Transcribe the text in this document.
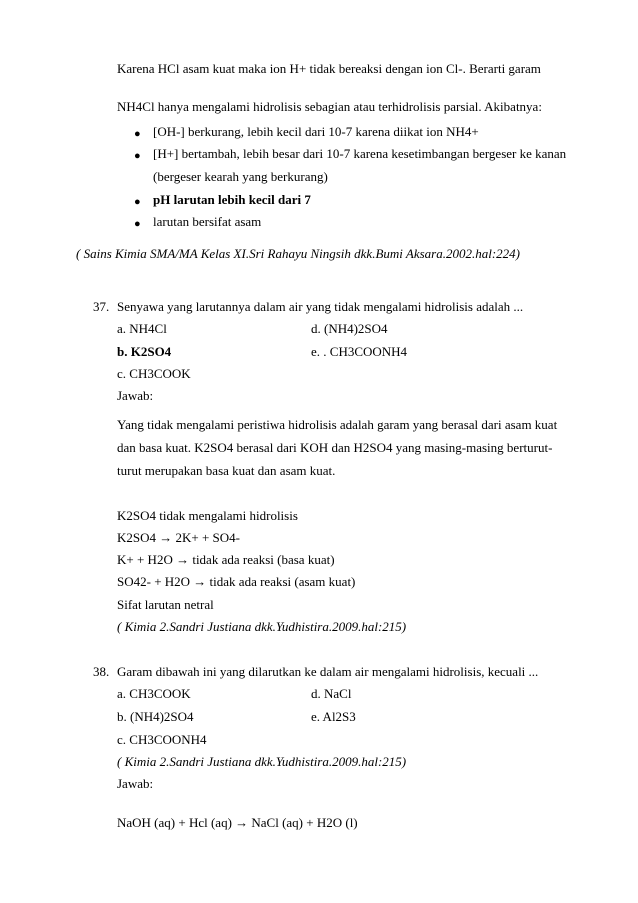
Karena HCl asam kuat maka ion H+ tidak bereaksi dengan ion Cl-. Berarti garam
NH4Cl hanya mengalami hidrolisis sebagian atau terhidrolisis parsial. Akibatnya:
● [OH-] berkurang, lebih kecil dari 10-7 karena diikat ion NH4+
● [H+] bertambah, lebih besar dari 10-7 karena kesetimbangan bergeser ke kanan
(bergeser kearah yang berkurang)
● pH larutan lebih kecil dari 7
● larutan bersifat asam
( Sains Kimia SMA/MA Kelas XI.Sri Rahayu Ningsih dkk.Bumi Aksara.2002.hal:224)
37. Senyawa yang larutannya dalam air yang tidak mengalami hidrolisis adalah ...
a. NH4Cl	d. (NH4)2SO4
b. K2SO4	e. . CH3COONH4
c. CH3COOK
Jawab:
Yang tidak mengalami peristiwa hidrolisis adalah garam yang berasal dari asam kuat
dan basa kuat. K2SO4 berasal dari KOH dan H2SO4 yang masing-masing berturut-
turut merupakan basa kuat dan asam kuat.
K2SO4 tidak mengalami hidrolisis
K2SO4 → 2K+ + SO4-
K+ + H2O → tidak ada reaksi (basa kuat)
SO42- + H2O → tidak ada reaksi (asam kuat)
Sifat larutan netral
( Kimia 2.Sandri Justiana dkk.Yudhistira.2009.hal:215)
38. Garam dibawah ini yang dilarutkan ke dalam air mengalami hidrolisis, kecuali ...
a. CH3COOK	d. NaCl
b. (NH4)2SO4	e. Al2S3
c. CH3COONH4
( Kimia 2.Sandri Justiana dkk.Yudhistira.2009.hal:215)
Jawab:
NaOH (aq) + Hcl (aq) → NaCl (aq) + H2O (l)
